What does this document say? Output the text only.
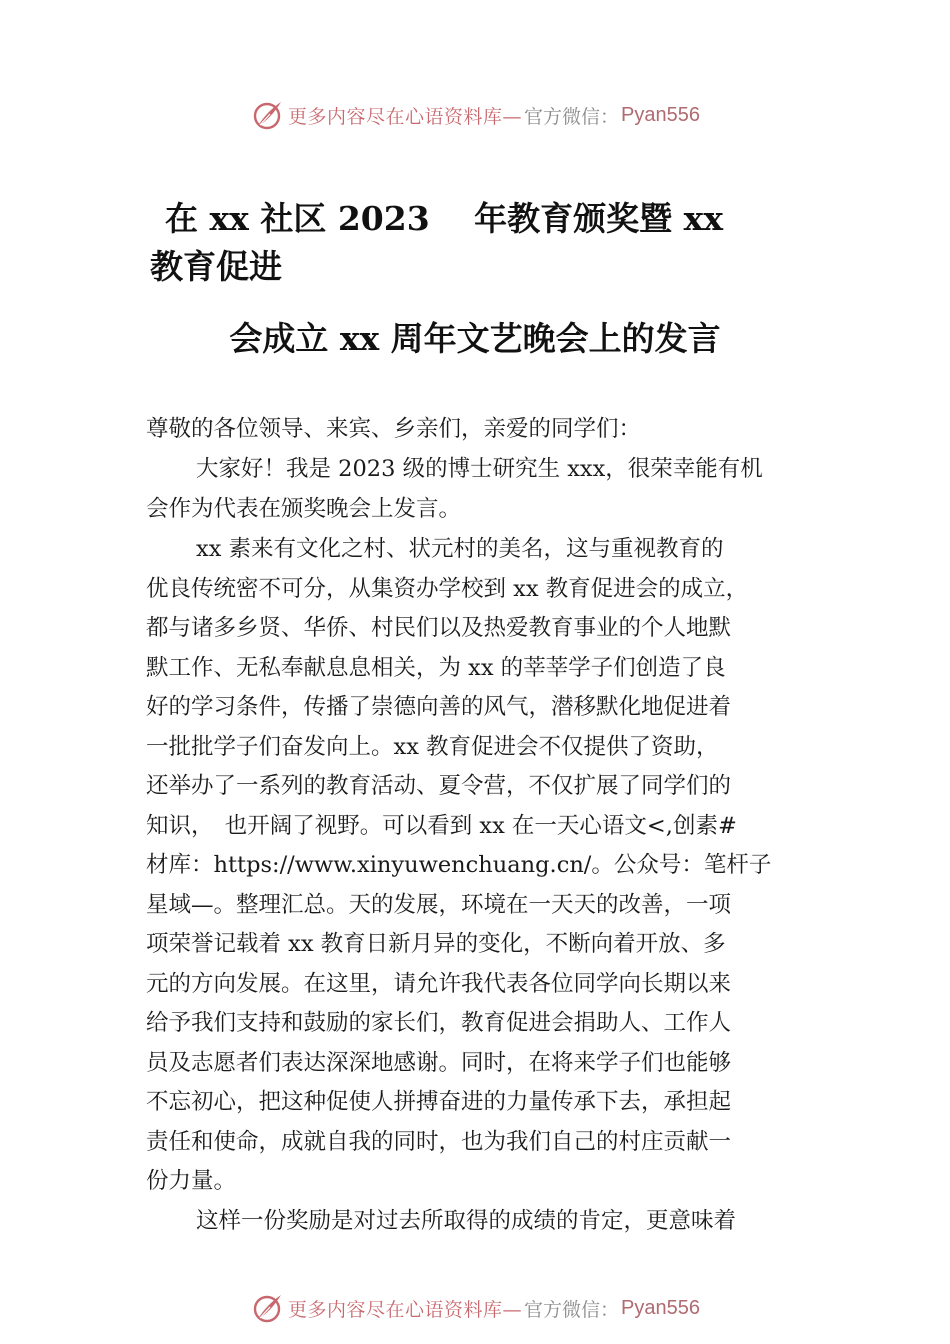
更多内容尽在心语资料库— 官方微信： Pyan556
在 xx 社区 2023　 年教育颁奖暨 xx
教育促进
会成立 xx 周年文艺晚会上的发言
尊敬的各位领导、来宾、乡亲们，亲爱的同学们：
大家好！我是 2023 级的博士研究生 xxx，很荣幸能有机
会作为代表在颁奖晚会上发言。
xx 素来有文化之村、状元村的美名，这与重视教育的
优良传统密不可分，从集资办学校到 xx 教育促进会的成立，
都与诸多乡贤、华侨、村民们以及热爱教育事业的个人地默
默工作、无私奉献息息相关，为 xx 的莘莘学子们创造了良
好的学习条件，传播了崇德向善的风气，潜移默化地促进着
一批批学子们奋发向上。xx 教育促进会不仅提供了资助，
还举办了一系列的教育活动、夏令营，不仅扩展了同学们的
知识，　也开阔了视野。可以看到 xx 在一天心语文<,创素#
材库：https://www.xinyuwenchuang.cn/。公众号：笔杆子
星域—。整理汇总。天的发展，环境在一天天的改善，一项
项荣誉记载着 xx 教育日新月异的变化，不断向着开放、多
元的方向发展。在这里，请允许我代表各位同学向长期以来
给予我们支持和鼓励的家长们，教育促进会捐助人、工作人
员及志愿者们表达深深地感谢。同时，在将来学子们也能够
不忘初心，把这种促使人拼搏奋进的力量传承下去，承担起
责任和使命，成就自我的同时，也为我们自己的村庄贡献一
份力量。
这样一份奖励是对过去所取得的成绩的肯定，更意味着
更多内容尽在心语资料库— 官方微信： Pyan556
